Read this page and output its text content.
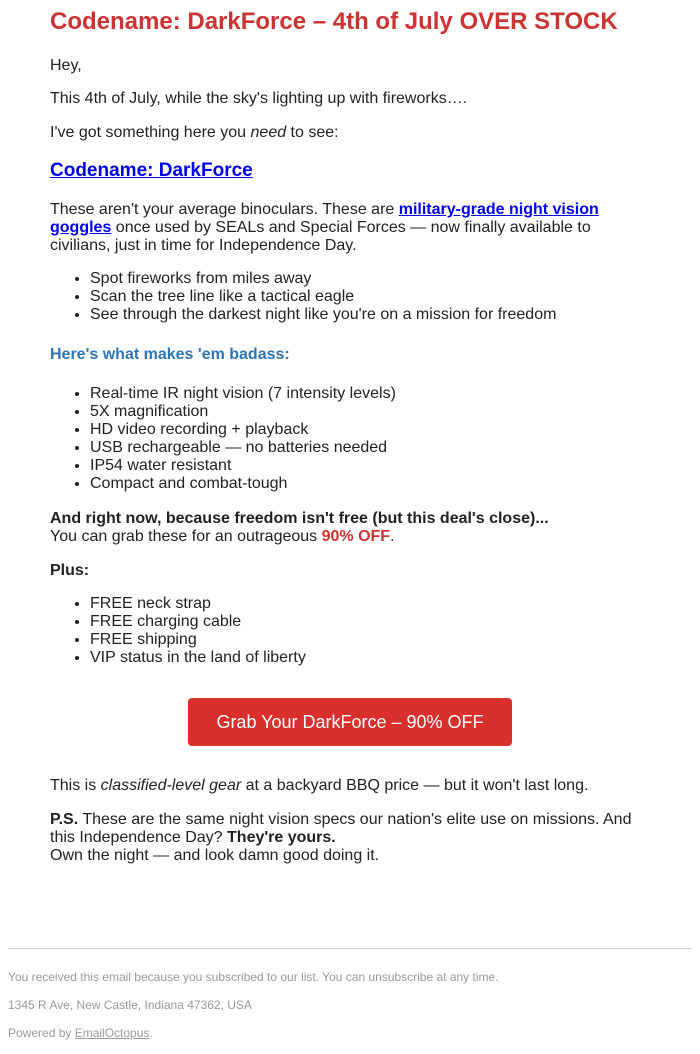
Codename: DarkForce – 4th of July OVER STOCK

Hey,

This 4th of July, while the sky's lighting up with fireworks….

I've got something here you need to see:

Codename: DarkForce

These aren't your average binoculars. These are military-grade night vision goggles once used by SEALs and Special Forces — now finally available to civilians, just in time for Independence Day.

• Spot fireworks from miles away
• Scan the tree line like a tactical eagle
• See through the darkest night like you're on a mission for freedom

Here's what makes 'em badass:

• Real-time IR night vision (7 intensity levels)
• 5X magnification
• HD video recording + playback
• USB rechargeable — no batteries needed
• IP54 water resistant
• Compact and combat-tough

And right now, because freedom isn't free (but this deal's close)...
You can grab these for an outrageous 90% OFF.

Plus:

• FREE neck strap
• FREE charging cable
• FREE shipping
• VIP status in the land of liberty
Grab Your DarkForce – 90% OFF

This is classified-level gear at a backyard BBQ price — but it won't last long.

P.S. These are the same night vision specs our nation's elite use on missions. And this Independence Day? They're yours.
Own the night — and look damn good doing it.

You received this email because you subscribed to our list. You can unsubscribe at any time.
1345 R Ave, New Castle, Indiana 47362, USA
Powered by EmailOctopus.
